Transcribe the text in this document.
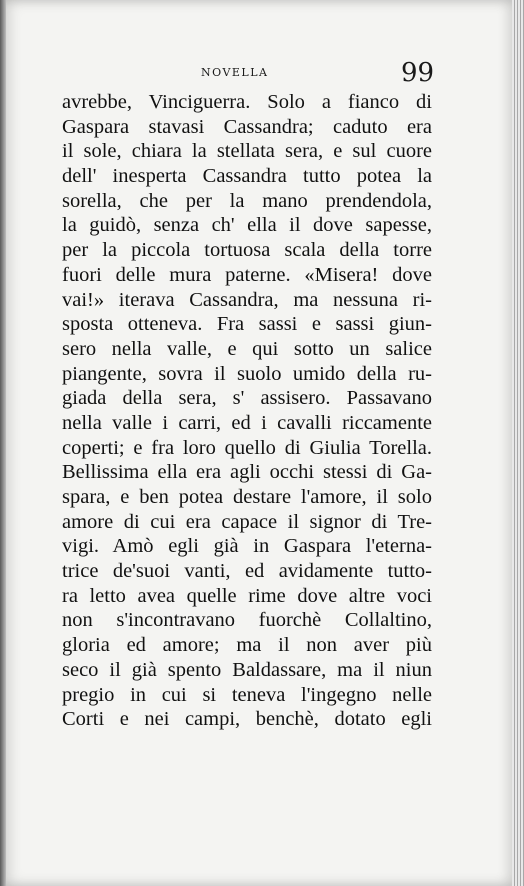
NOVELLA	99
avrebbe, Vinciguerra. Solo a fianco di
Gaspara stavasi Cassandra; caduto era
il sole, chiara la stellata sera, e sul cuore
dell' inesperta Cassandra tutto potea la
sorella, che per la mano prendendola,
la guidò, senza ch' ella il dove sapesse,
per la piccola tortuosa scala della torre
fuori delle mura paterne. «Misera! dove
vai!» iterava Cassandra, ma nessuna ri-
sposta otteneva. Fra sassi e sassi giun-
sero nella valle, e qui sotto un salice
piangente, sovra il suolo umido della ru-
giada della sera, s' assisero. Passavano
nella valle i carri, ed i cavalli riccamente
coperti; e fra loro quello di Giulia Torella.
Bellissima ella era agli occhi stessi di Ga-
spara, e ben potea destare l'amore, il solo
amore di cui era capace il signor di Tre-
vigi. Amò egli già in Gaspara l'eterna-
trice de'suoi vanti, ed avidamente tutto-
ra letto avea quelle rime dove altre voci
non s'incontravano fuorchè Collaltino,
gloria ed amore; ma il non aver più
seco il già spento Baldassare, ma il niun
pregio in cui si teneva l'ingegno nelle
Corti e nei campi, benchè, dotato egli
